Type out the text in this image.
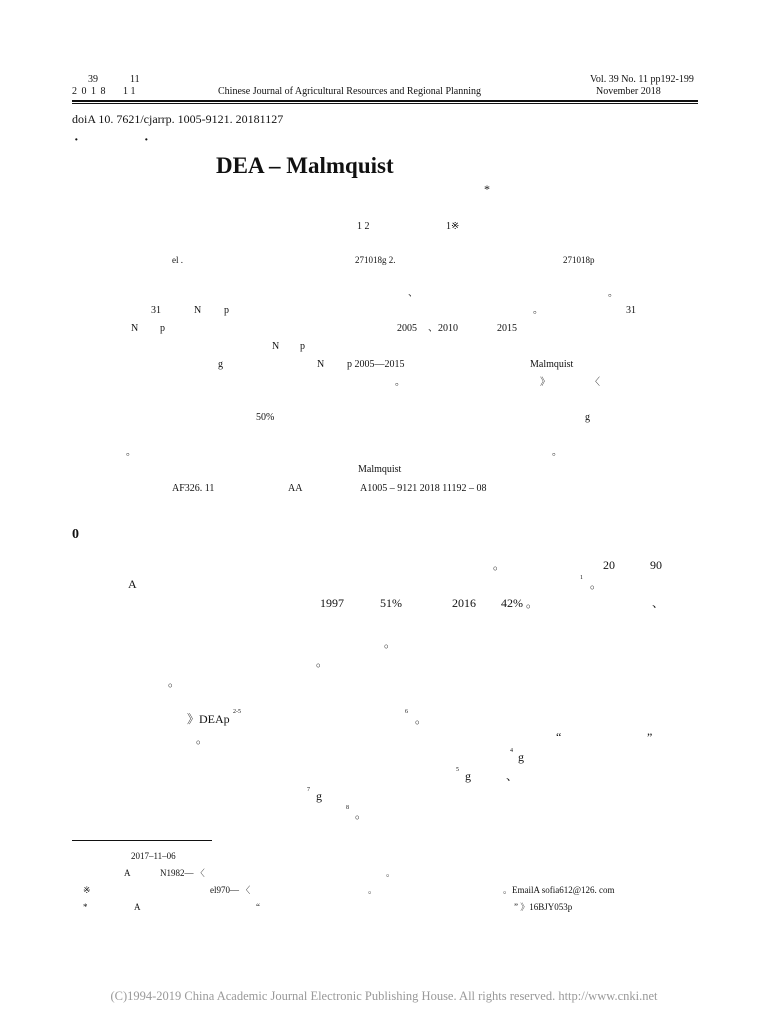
39	11
2 0 1 8 1 1	Chinese Journal of Agricultural Resources and Regional Planning
Vol. 39 No. 11 pp192-199
November 2018
doiA 10. 7621/cjarrp. 1005-9121. 20181127
·	·
DEA – Malmquist
*
1 2	1※
el .	271018g 2.	271018p
、	。
31	N p	。	31
N p	2005 、2010	2015
N p
g	N p 2005—2015	Malmquist
。	》	〈
50%	g
。	。
Malmquist
AF326. 11	AA	A1005 – 9121 2018 11192 – 08
0
。	20	90
A	1 。
1997	51%	2016 42% 。	、
。
。
。
》DEAp 2-5	6 。
。	“	”
4 g
5 g	、
7 g
8 。
2017–11–06
A	N1982— 〈	。
※	el970— 〈	。	。EmailA sofia612@126. com
*	A	“	” 》16BJY053p
(C)1994-2019 China Academic Journal Electronic Publishing House. All rights reserved. http://www.cnki.net
